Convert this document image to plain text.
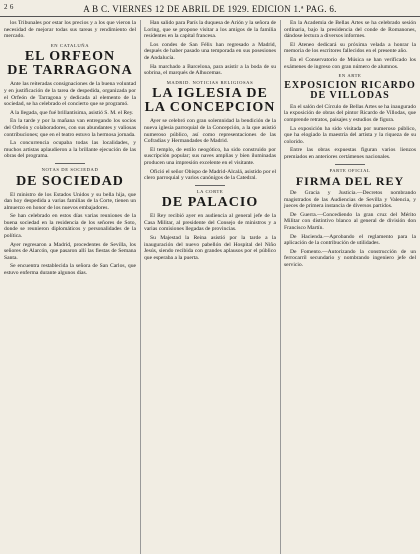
2 6	A B C. VIERNES 12 DE ABRIL DE 1929. EDICION 1.ª PAG. 6.

los Tribunales por estar los precios y a los que vieron la necesidad de mejorar todas sus tareas y rendimiento del mercado.

EN CATALUÑA
EL ORFEON
DE TARRAGONA

Ante las reiteradas consignaciones de la buena voluntad y en justificación de la tarea de despedida, organizada por el Orfeón de Tarragona y dedicada al elemento de la sociedad, se ha celebrado el concierto que se programó.

A la llegada, que fué brillantísima, asistió S. M. el Rey.

En la tarde y por la mañana van entregando los socios del Orfeón y colaboradores, con sus abundantes y valiosas contribuciones; que en el teatro estuvo la hermosa jornada.

La concurrencia ocupaba todas las localidades, y muchos artistas aplaudieron a la brillante ejecución de las obras del programa.

NOTAS DE SOCIEDAD
DE SOCIEDAD

El ministro de los Estados Unidos y su bella hija, que dan hoy despedida a varias familias de la Corte, tienen un almuerzo en honor de los nuevos embajadores.

Se han celebrado en estos días varias reuniones de la buena sociedad en la residencia de los señores de Soto, donde se reunieron diplomáticos y personalidades de la política.

Ayer regresaron a Madrid, procedentes de Sevilla, los señores de Alarcón, que pasaron allí las fiestas de Semana Santa.

Se encuentra restablecida la señora de San Carlos, que estuvo enferma durante algunos días.

Han salido para París la duquesa de Arión y la señora de Loring, que se propone visitar a los amigos de la familia residentes en la capital francesa.

Los condes de San Félix han regresado a Madrid, después de haber pasado una temporada en sus posesiones de Andalucía.

Ha marchado a Barcelona, para asistir a la boda de su sobrina, el marqués de Alhucemas.

MADRID. NOTICIAS RELIGIOSAS
LA IGLESIA DE
LA CONCEPCION

Ayer se celebró con gran solemnidad la bendición de la nueva iglesia parroquial de la Concepción, a la que asistió numeroso público, así como representaciones de las Cofradías y Hermandades de Madrid.

El templo, de estilo neogótico, ha sido construido por suscripción popular; sus naves amplias y bien iluminadas producen una impresión excelente en el visitante.

Ofició el señor Obispo de Madrid-Alcalá, asistido por el clero parroquial y varios canónigos de la Catedral.

LA CORTE
DE PALACIO

El Rey recibió ayer en audiencia al general jefe de la Casa Militar, al presidente del Consejo de ministros y a varias comisiones llegadas de provincias.

Su Majestad la Reina asistió por la tarde a la inauguración del nuevo pabellón del Hospital del Niño Jesús, siendo recibida con grandes aplausos por el público que esperaba a la puerta.

En la Academia de Bellas Artes se ha celebrado sesión ordinaria, bajo la presidencia del conde de Romanones, dándose lectura a diversos informes.

El Ateneo dedicará su próxima velada a honrar la memoria de los escritores fallecidos en el presente año.

En el Conservatorio de Música se han verificado los exámenes de ingreso con gran número de alumnos.

EN ARTE
EXPOSICION RICARDO
DE VILLODAS

En el salón del Círculo de Bellas Artes se ha inaugurado la exposición de obras del pintor Ricardo de Villodas, que comprende retratos, paisajes y estudios de figura.

La exposición ha sido visitada por numeroso público, que ha elogiado la maestría del artista y la riqueza de su colorido.

Entre las obras expuestas figuran varios lienzos premiados en anteriores certámenes nacionales.

PARTE OFICIAL
FIRMA DEL REY

De Gracia y Justicia.—Decretos nombrando magistrados de las Audiencias de Sevilla y Valencia, y jueces de primera instancia de diversos partidos.

De Guerra.—Concediendo la gran cruz del Mérito Militar con distintivo blanco al general de división don Francisco Martín.

De Hacienda.—Aprobando el reglamento para la aplicación de la contribución de utilidades.

De Fomento.—Autorizando la construcción de un ferrocarril secundario y nombrando ingeniero jefe del servicio.
